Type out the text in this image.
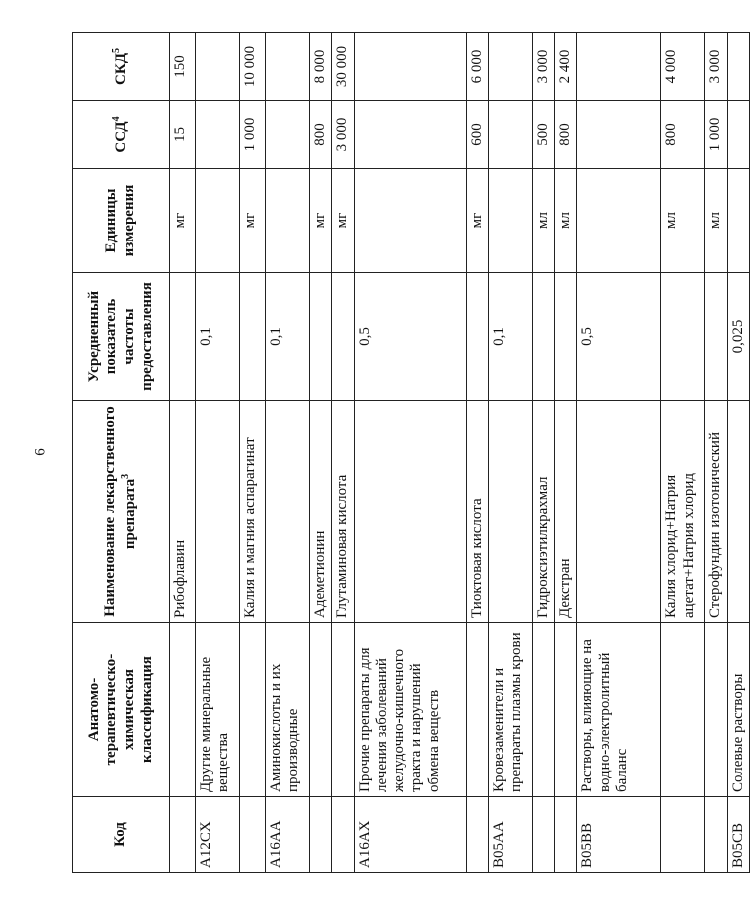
6
Код	Анатомо-терапевтическо-химическая классификация	Наименование лекарственного препарата$^3$	Усредненный показатель частоты предоставления	Единицы измерения	ССД$^4$	СКД$^5$
		Рибофлавин		мг	15	150
A12CX	Другие минеральные вещества		0,1			
		Калия и магния аспарагинат		мг	1 000	10 000
A16AA	Аминокислоты и их производные		0,1			
		Адеметионин		мг	800	8 000
		Глутаминовая кислота		мг	3 000	30 000
A16AX	Прочие препараты для лечения заболеваний желудочно-кишечного тракта и нарушений обмена веществ		0,5			
		Тиоктовая кислота		мг	600	6 000
B05AA	Кровезаменители и препараты плазмы крови		0,1			
		Гидроксиэтилкрахмал		мл	500	3 000
		Декстран		мл	800	2 400
B05BB	Растворы, влияющие на водно-электролитный баланс		0,5			
		Калия хлорид+Натрия ацетат+Натрия хлорид		мл	800	4 000
		Стерофундин изотонический		мл	1 000	3 000
B05CB	Солевые растворы		0,025			
